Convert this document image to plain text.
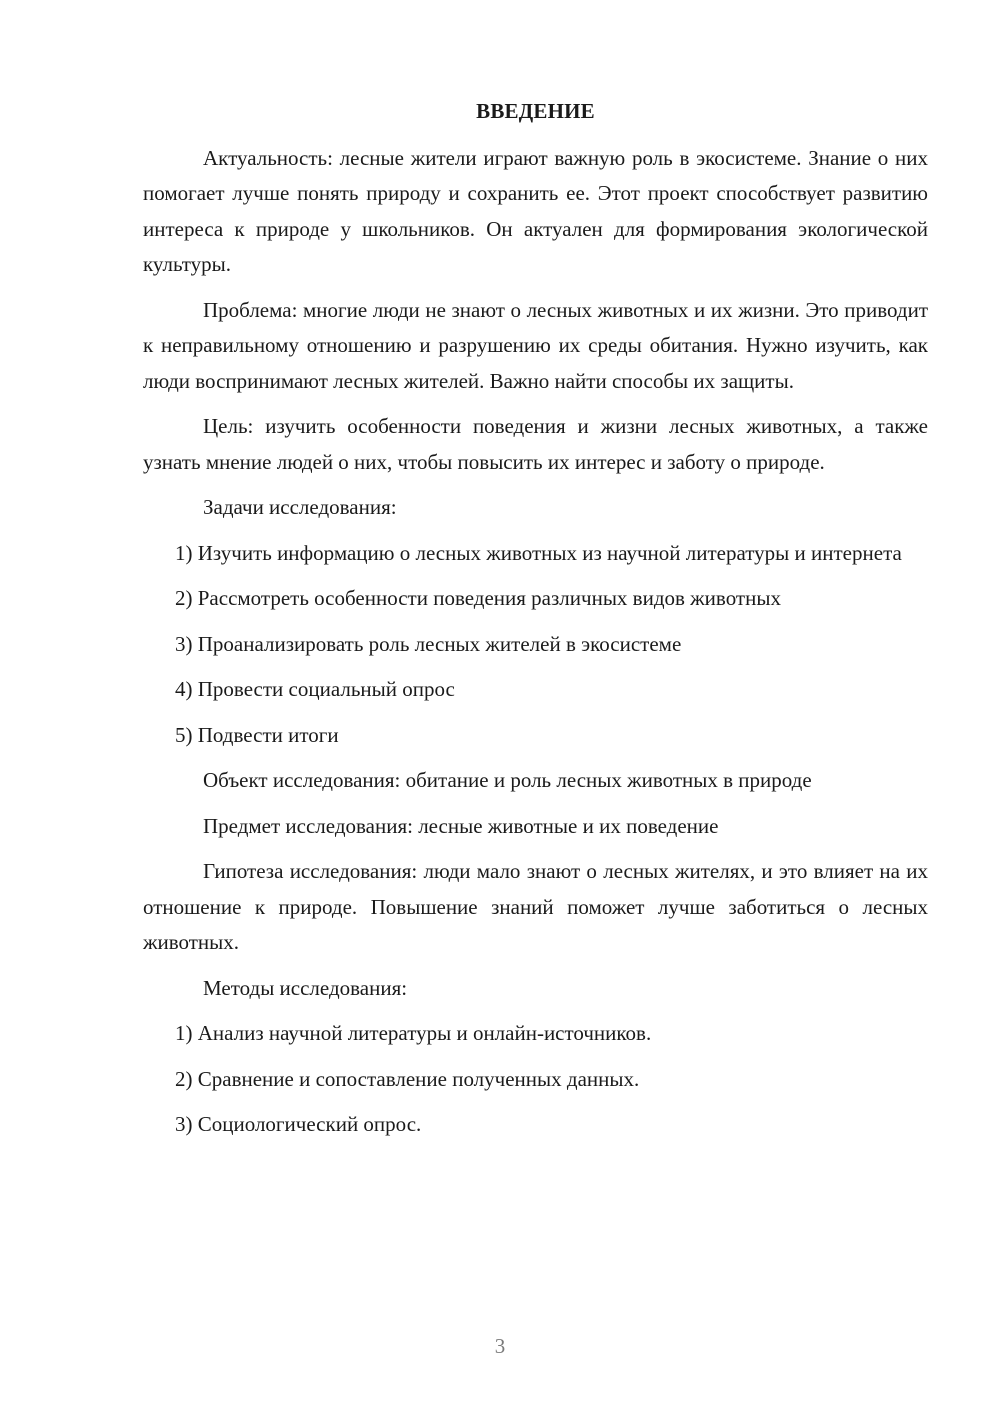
ВВЕДЕНИЕ

Актуальность: лесные жители играют важную роль в экосистеме. Знание о них помогает лучше понять природу и сохранить ее. Этот проект способствует развитию интереса к природе у школьников. Он актуален для формирования экологической культуры.

Проблема: многие люди не знают о лесных животных и их жизни. Это приводит к неправильному отношению и разрушению их среды обитания. Нужно изучить, как люди воспринимают лесных жителей. Важно найти способы их защиты.

Цель: изучить особенности поведения и жизни лесных животных, а также узнать мнение людей о них, чтобы повысить их интерес и заботу о природе.

Задачи исследования:
1) Изучить информацию о лесных животных из научной литературы и интернета
2) Рассмотреть особенности поведения различных видов животных
3) Проанализировать роль лесных жителей в экосистеме
4) Провести социальный опрос
5) Подвести итоги
Объект исследования: обитание и роль лесных животных в природе
Предмет исследования: лесные животные и их поведение

Гипотеза исследования: люди мало знают о лесных жителях, и это влияет на их отношение к природе. Повышение знаний поможет лучше заботиться о лесных животных.

Методы исследования:
1) Анализ научной литературы и онлайн-источников.
2) Сравнение и сопоставление полученных данных.
3) Социологический опрос.
3
